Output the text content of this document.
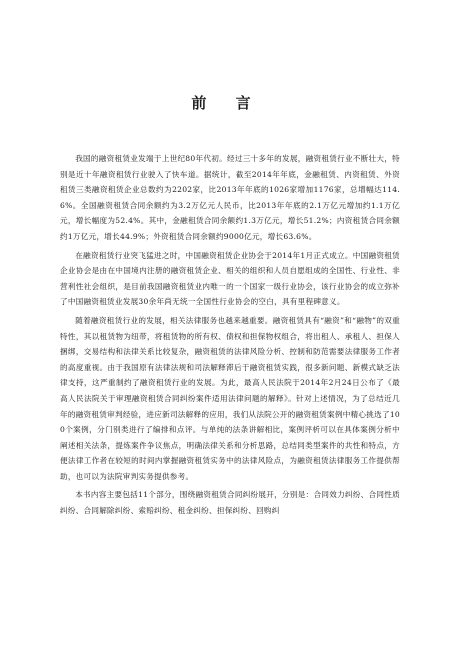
前 言

我国的融资租赁业发端于上世纪80年代初。经过三十多年的发展，融资租赁行业不断壮大，特别是近十年融资租赁行业驶入了快车道。据统计，截至2014年年底，金融租赁、内资租赁、外资租赁三类融资租赁企业总数约为2202家，比2013年年底的1026家增加1176家，总增幅达114.6%。全国融资租赁合同余额约为3.2万亿元人民币，比2013年年底的2.1万亿元增加约1.1万亿元，增长幅度为52.4%。其中，金融租赁合同余额约1.3万亿元，增长51.2%；内资租赁合同余额约1万亿元，增长44.9%；外资租赁合同余额约9000亿元，增长63.6%。

在融资租赁行业突飞猛进之时，中国融资租赁企业协会于2014年1月正式成立。中国融资租赁企业协会是由在中国境内注册的融资租赁企业、相关的组织和人员自愿组成的全国性、行业性、非营利性社会组织，是目前我国融资租赁业内唯一的一个国家一级行业协会，该行业协会的成立弥补了中国融资租赁业发展30余年尚无统一全国性行业协会的空白，具有里程碑意义。

随着融资租赁行业的发展，相关法律服务也越来越重要。融资租赁具有“融资”和“融物”的双重特性，其以租赁物为纽带，将租赁物的所有权、债权和担保物权组合，将出租人、承租人、担保人捆绑，交易结构和法律关系比较复杂，融资租赁的法律风险分析、控制和防范需要法律服务工作者的高度重视。由于我国原有法律法规和司法解释滞后于融资租赁实践，很多新问题、新模式缺乏法律支持，这严重制约了融资租赁行业的发展。为此，最高人民法院于2014年2月24日公布了《最高人民法院关于审理融资租赁合同纠纷案件适用法律问题的解释》。针对上述情况，为了总结近几年的融资租赁审判经验，进应新司法解释的应用，我们从法院公开的融资租赁案例中精心挑选了100个案例，分门别类进行了编排和点评。与单纯的法条讲解相比，案例评析可以在具体案例分析中阐述相关法条，提炼案件争议焦点，明确法律关系和分析思路，总结同类型案件的共性和特点，方便法律工作者在较短的时间内掌握融资租赁实务中的法律风险点，为融资租赁法律服务工作提供帮助，也可以为法院审判实务提供参考。

本书内容主要包括11个部分，围绕融资租赁合同纠纷展开，分别是：合同效力纠纷、合同性质纠纷、合同解除纠纷、索赔纠纷、租金纠纷、担保纠纷、回购纠
